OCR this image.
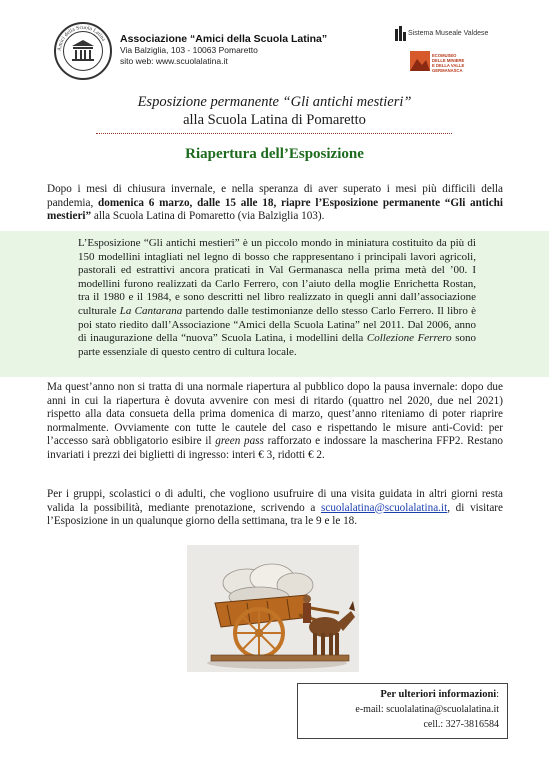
Amici della Scuola Latina Associazione “Amici della Scuola Latina”
Via Balziglia, 103 - 10063 Pomaretto
sito web: www.scuolalatina.it
Sistema Museale Valdese
ECOMUSEO
DELLE MINIERE
E DELLA VALLE
GERMANASCA
Esposizione permanente “Gli antichi mestieri”
alla Scuola Latina di Pomaretto
Riapertura dell’Esposizione
Dopo i mesi di chiusura invernale, e nella speranza di aver superato i mesi più difficili della pandemia, domenica 6 marzo, dalle 15 alle 18, riapre l’Esposizione permanente “Gli antichi mestieri” alla Scuola Latina di Pomaretto (via Balziglia 103).
L’Esposizione “Gli antichi mestieri” è un piccolo mondo in miniatura costituito da più di 150 modellini intagliati nel legno di bosso che rappresentano i principali lavori agricoli, pastorali ed estrattivi ancora praticati in Val Germanasca nella prima metà del ’00. I modellini furono realizzati da Carlo Ferrero, con l’aiuto della moglie Enrichetta Rostan, tra il 1980 e il 1984, e sono descritti nel libro realizzato in quegli anni dall’associazione culturale La Cantarana partendo dalle testimonianze dello stesso Carlo Ferrero. Il libro è poi stato riedito dall’Associazione “Amici della Scuola Latina” nel 2011. Dal 2006, anno di inaugurazione della “nuova” Scuola Latina, i modellini della Collezione Ferrero sono parte essenziale di questo centro di cultura locale.
Ma quest’anno non si tratta di una normale riapertura al pubblico dopo la pausa invernale: dopo due anni in cui la riapertura è dovuta avvenire con mesi di ritardo (quattro nel 2020, due nel 2021) rispetto alla data consueta della prima domenica di marzo, quest’anno riteniamo di poter riaprire normalmente. Ovviamente con tutte le cautele del caso e rispettando le misure anti-Covid: per l’accesso sarà obbligatorio esibire il green pass rafforzato e indossare la mascherina FFP2. Restano invariati i prezzi dei biglietti di ingresso: interi € 3, ridotti € 2.
Per i gruppi, scolastici o di adulti, che vogliono usufruire di una visita guidata in altri giorni resta valida la possibilità, mediante prenotazione, scrivendo a scuolalatina@scuolalatina.it, di visitare l’Esposizione in un qualunque giorno della settimana, tra le 9 e le 18.
Per ulteriori informazioni:
e-mail: scuolalatina@scuolalatina.it
cell.: 327-3816584
